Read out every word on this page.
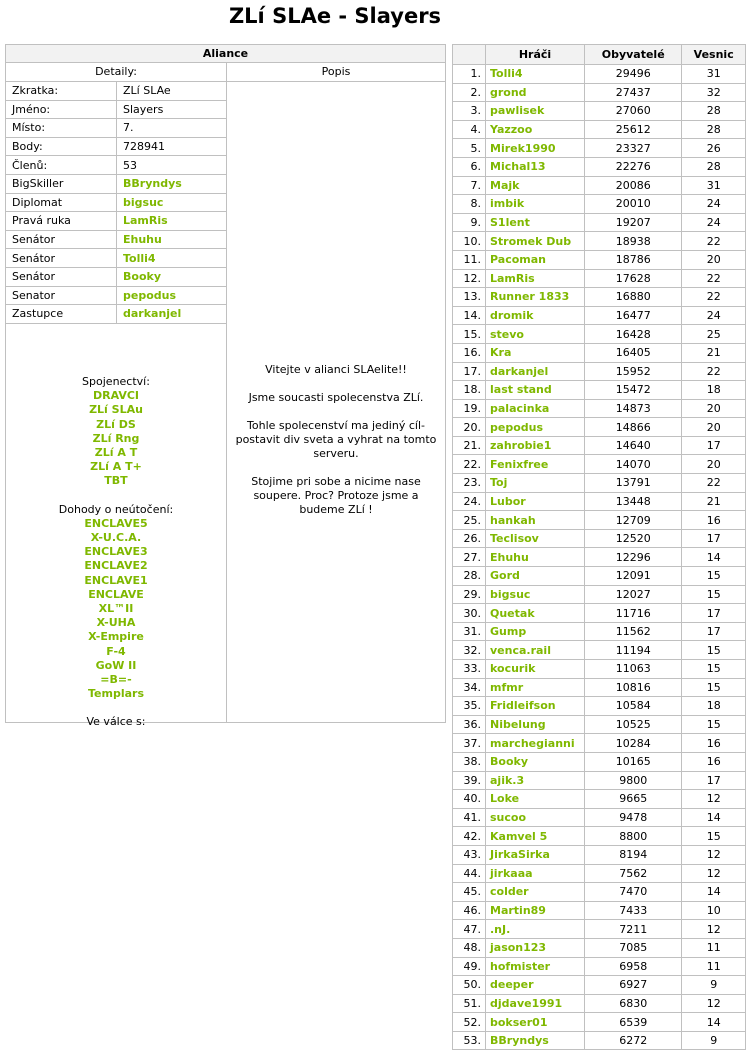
ZLí SLAe - Slayers
Aliance
Detaily:	Popis
Zkratka:	ZLí SLAe
Jméno:	Slayers
Místo:	7.
Body:	728941
Členů:	53
BigSkiller	BBryndys
Diplomat	bigsuc
Pravá ruka	LamRis
Senátor	Ehuhu
Senátor	Tolli4
Senátor	Booky
Senator	pepodus
Zastupce	darkanjel
Spojenectví:
DRAVCI
ZLí SLAu
ZLí DS
ZLí Rng
ZLí A T
ZLí A T+
TBT
Dohody o neútočení:
ENCLAVE5
X-U.C.A.
ENCLAVE3
ENCLAVE2
ENCLAVE1
ENCLAVE
XL™II
X-UHA
X-Empire
F-4
GoW II
=B=-
Templars
Ve válce s:

Vitejte v alianci SLAelite!!

Jsme soucasti spolecenstva ZLí.

Tohle spolecenství ma jediný cíl- postavit div sveta a vyhrat na tomto serveru.

Stojime pri sobe a nicime nase soupere. Proc? Protoze jsme a budeme ZLí !

	Hráči	Obyvatelé	Vesnic
1.	Tolli4	29496	31
2.	grond	27437	32
3.	pawlisek	27060	28
4.	Yazzoo	25612	28
5.	Mirek1990	23327	26
6.	Michal13	22276	28
7.	Majk	20086	31
8.	imbik	20010	24
9.	S1lent	19207	24
10.	Stromek Dub	18938	22
11.	Pacoman	18786	20
12.	LamRis	17628	22
13.	Runner 1833	16880	22
14.	dromik	16477	24
15.	stevo	16428	25
16.	Kra	16405	21
17.	darkanjel	15952	22
18.	last stand	15472	18
19.	palacinka	14873	20
20.	pepodus	14866	20
21.	zahrobie1	14640	17
22.	Fenixfree	14070	20
23.	Toj	13791	22
24.	Lubor	13448	21
25.	hankah	12709	16
26.	Teclisov	12520	17
27.	Ehuhu	12296	14
28.	Gord	12091	15
29.	bigsuc	12027	15
30.	Quetak	11716	17
31.	Gump	11562	17
32.	venca.rail	11194	15
33.	kocurik	11063	15
34.	mfmr	10816	15
35.	Fridleifson	10584	18
36.	Nibelung	10525	15
37.	marchegianni	10284	16
38.	Booky	10165	16
39.	ajik.3	9800	17
40.	Loke	9665	12
41.	sucoo	9478	14
42.	Kamvel 5	8800	15
43.	JirkaSirka	8194	12
44.	jirkaaa	7562	12
45.	colder	7470	14
46.	Martin89	7433	10
47.	.nJ.	7211	12
48.	jason123	7085	11
49.	hofmister	6958	11
50.	deeper	6927	9
51.	djdave1991	6830	12
52.	bokser01	6539	14
53.	BBryndys	6272	9
